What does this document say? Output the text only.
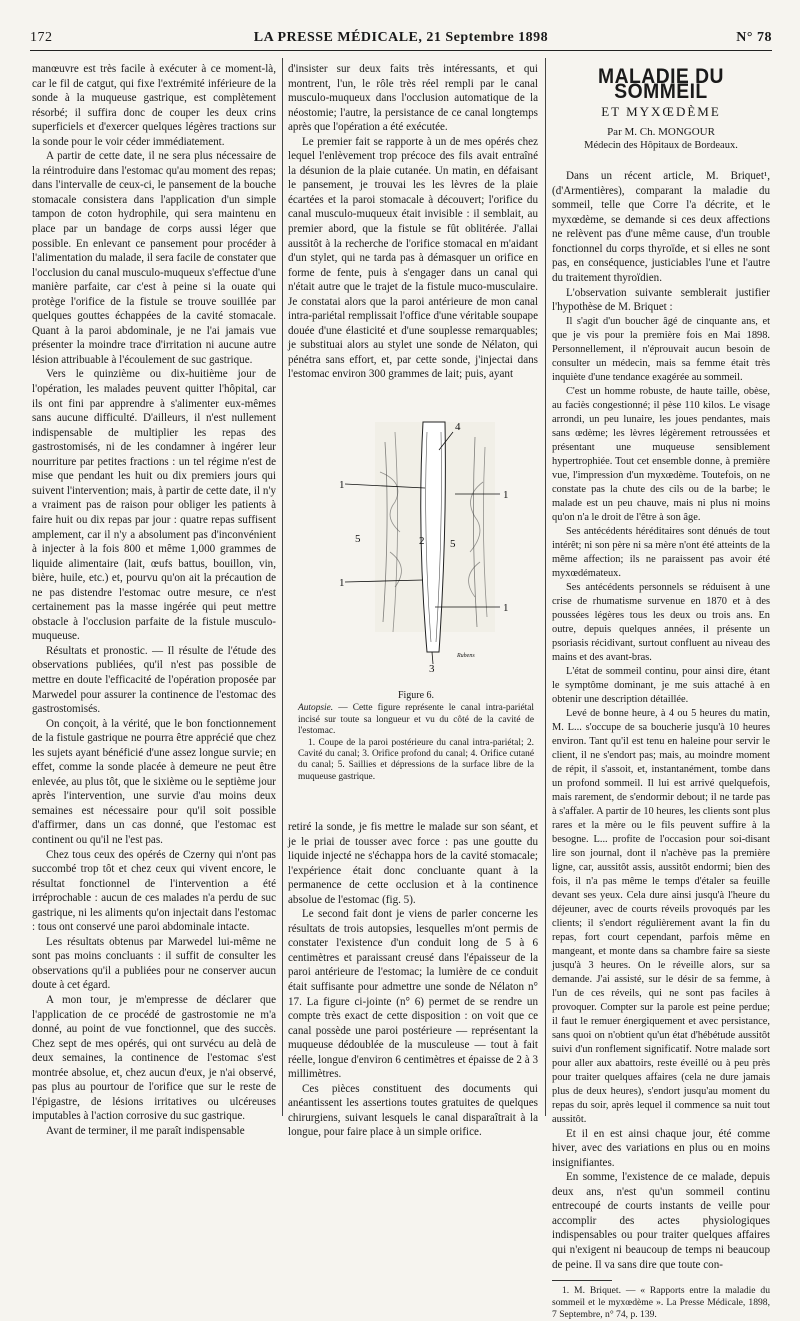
172	LA PRESSE MÉDICALE, 21 Septembre 1898	N° 78

manœuvre est très facile à exécuter à ce moment-là, car le fil de catgut, qui fixe l'extrémité inférieure de la sonde à la muqueuse gastrique, est complètement résorbé; il suffira donc de couper les deux crins superficiels et d'exercer quelques légères tractions sur la sonde pour le voir céder immédiatement.

A partir de cette date, il ne sera plus nécessaire de la réintroduire dans l'estomac qu'au moment des repas; dans l'intervalle de ceux-ci, le pansement de la bouche stomacale consistera dans l'application d'un simple tampon de coton hydrophile, qui sera maintenu en place par un bandage de corps aussi léger que possible. En enlevant ce pansement pour procéder à l'alimentation du malade, il sera facile de constater que l'occlusion du canal musculo-muqueux s'effectue d'une manière parfaite, car c'est à peine si la ouate qui protège l'orifice de la fistule se trouve souillée par quelques gouttes échappées de la cavité stomacale. Quant à la paroi abdominale, je ne l'ai jamais vue présenter la moindre trace d'irritation ni aucune autre lésion attribuable à l'écoulement de suc gastrique.

Vers le quinzième ou dix-huitième jour de l'opération, les malades peuvent quitter l'hôpital, car ils ont fini par apprendre à s'alimenter eux-mêmes sans aucune difficulté. D'ailleurs, il n'est nullement indispensable de multiplier les repas des gastrostomisés, ni de les condamner à ingérer leur nourriture par petites fractions : un tel régime n'est de mise que pendant les huit ou dix premiers jours qui suivent l'intervention; mais, à partir de cette date, il n'y a vraiment pas de raison pour obliger les patients à faire huit ou dix repas par jour : quatre repas suffisent amplement, car il n'y a absolument pas d'inconvénient à injecter à la fois 800 et même 1,000 grammes de liquide alimentaire (lait, œufs battus, bouillon, vin, bière, huile, etc.) et, pourvu qu'on ait la précaution de ne pas distendre l'estomac outre mesure, ce n'est certainement pas la masse ingérée qui peut mettre obstacle à l'occlusion parfaite de la fistule musculo-muqueuse.

Résultats et pronostic. — Il résulte de l'étude des observations publiées, qu'il n'est pas possible de mettre en doute l'efficacité de l'opération proposée par Marwedel pour assurer la continence de l'estomac des gastrostomisés.

On conçoit, à la vérité, que le bon fonctionnement de la fistule gastrique ne pourra être apprécié que chez les sujets ayant bénéficié d'une assez longue survie; en effet, comme la sonde placée à demeure ne peut être enlevée, au plus tôt, que le sixième ou le septième jour après l'intervention, une survie d'au moins deux semaines est nécessaire pour qu'il soit possible d'affirmer, dans un cas donné, que l'estomac est continent ou qu'il ne l'est pas.

Chez tous ceux des opérés de Czerny qui n'ont pas succombé trop tôt et chez ceux qui vivent encore, le résultat fonctionnel de l'intervention a été irréprochable : aucun de ces malades n'a perdu de suc gastrique, ni les aliments qu'on injectait dans l'estomac : tous ont conservé une paroi abdominale intacte.

Les résultats obtenus par Marwedel lui-même ne sont pas moins concluants : il suffit de consulter les observations qu'il a publiées pour ne conserver aucun doute à cet égard.

A mon tour, je m'empresse de déclarer que l'application de ce procédé de gastrostomie ne m'a donné, au point de vue fonctionnel, que des succès. Chez sept de mes opérés, qui ont survécu au delà de deux semaines, la continence de l'estomac s'est montrée absolue, et, chez aucun d'eux, je n'ai observé, pas plus au pourtour de l'orifice que sur le reste de l'épigastre, de lésions irritatives ou ulcéreuses imputables à l'action corrosive du suc gastrique.

Avant de terminer, il me paraît indispensable

d'insister sur deux faits très intéressants, et qui montrent, l'un, le rôle très réel rempli par le canal musculo-muqueux dans l'occlusion automatique de la néostomie; l'autre, la persistance de ce canal longtemps après que l'opération a été exécutée.

Le premier fait se rapporte à un de mes opérés chez lequel l'enlèvement trop précoce des fils avait entraîné la désunion de la plaie cutanée. Un matin, en défaisant le pansement, je trouvai les les lèvres de la plaie écartées et la paroi stomacale à découvert; l'orifice du canal musculo-muqueux était invisible : il semblait, au premier abord, que la fistule se fût oblitérée. J'allai aussitôt à la recherche de l'orifice stomacal en m'aidant d'un stylet, qui ne tarda pas à démasquer un orifice en forme de fente, puis à s'engager dans un canal qui n'était autre que le trajet de la fistule muco-musculaire. Je constatai alors que la paroi antérieure de mon canal intra-pariétal remplissait l'office d'une véritable soupape douée d'une élasticité et d'une souplesse remarquables; je substituai alors au stylet une sonde de Nélaton, qui pénétra sans effort, et, par cette sonde, j'injectai dans l'estomac environ 300 grammes de lait; puis, ayant

1
1
2
3
4
5	5
1
1
Rubens
Figure 6.
Autopsie. — Cette figure représente le canal intra-pariétal incisé sur toute sa longueur et vu du côté de la cavité de l'estomac.
1. Coupe de la paroi postérieure du canal intra-pariétal; 2. Cavité du canal; 3. Orifice profond du canal; 4. Orifice cutané du canal; 5. Saillies et dépressions de la surface libre de la muqueuse gastrique.

retiré la sonde, je fis mettre le malade sur son séant, et je le priai de tousser avec force : pas une goutte du liquide injecté ne s'échappa hors de la cavité stomacale; l'expérience était donc concluante quant à la permanence de cette occlusion et à la continence absolue de l'estomac (fig. 5).

Le second fait dont je viens de parler concerne les résultats de trois autopsies, lesquelles m'ont permis de constater l'existence d'un conduit long de 5 à 6 centimètres et paraissant creusé dans l'épaisseur de la paroi antérieure de l'estomac; la lumière de ce conduit était suffisante pour admettre une sonde de Nélaton n° 17. La figure ci-jointe (n° 6) permet de se rendre un compte très exact de cette disposition : on voit que ce canal possède une paroi postérieure — représentant la muqueuse dédoublée de la musculeuse — tout à fait réelle, longue d'environ 6 centimètres et épaisse de 2 à 3 millimètres.

Ces pièces constituent des documents qui anéantissent les assertions toutes gratuites de quelques chirurgiens, suivant lesquels le canal disparaîtrait à la longue, pour faire place à un simple orifice.

MALADIE DU SOMMEIL
ET MYXŒDÈME
Par M. Ch. MONGOUR
Médecin des Hôpitaux de Bordeaux.

Dans un récent article, M. Briquet¹, (d'Armentières), comparant la maladie du sommeil, telle que Corre l'a décrite, et le myxœdème, se demande si ces deux affections ne relèvent pas d'une même cause, d'un trouble fonctionnel du corps thyroïde, et si elles ne sont pas, en conséquence, justiciables l'une et l'autre du traitement thyroïdien.

L'observation suivante semblerait justifier l'hypothèse de M. Briquet :

Il s'agit d'un boucher âgé de cinquante ans, et que je vis pour la première fois en Mai 1898. Personnellement, il n'éprouvait aucun besoin de consulter un médecin, mais sa femme était très inquiète d'une tendance exagérée au sommeil.

C'est un homme robuste, de haute taille, obèse, au faciès congestionné; il pèse 110 kilos. Le visage arrondi, un peu lunaire, les joues pendantes, mais sans œdème; les lèvres légèrement retroussées et présentant une muqueuse sensiblement hypertrophiée. Tout cet ensemble donne, à première vue, l'impression d'un myxœdème. Toutefois, on ne constate pas la chute des cils ou de la barbe; le malade est un peu chauve, mais ni plus ni moins qu'on n'a le droit de l'être à son âge.

Ses antécédents héréditaires sont dénués de tout intérêt; ni son père ni sa mère n'ont été atteints de la même affection; ils ne paraissent pas avoir été myxœdémateux.

Ses antécédents personnels se réduisent à une crise de rhumatisme survenue en 1870 et à des poussées légères tous les deux ou trois ans. En outre, depuis quelques années, il présente un psoriasis récidivant, surtout confluent au niveau des mains et des avant-bras.

L'état de sommeil continu, pour ainsi dire, étant le symptôme dominant, je me suis attaché à en obtenir une description détaillée.

Levé de bonne heure, à 4 ou 5 heures du matin, M. L... s'occupe de sa boucherie jusqu'à 10 heures environ. Tant qu'il est tenu en haleine pour servir le client, il ne s'endort pas; mais, au moindre moment de répit, il s'assoit, et, instantanément, tombe dans un profond sommeil. Il lui est arrivé quelquefois, mais rarement, de s'endormir debout; il ne tarde pas à s'affaler. A partir de 10 heures, les clients sont plus rares et la mère ou le fils peuvent suffire à la besogne. L... profite de l'occasion pour soi-disant lire son journal, dont il n'achève pas la première ligne, car, aussitôt assis, aussitôt endormi; bien des fois, il n'a pas même le temps d'étaler sa feuille devant ses yeux. Cela dure ainsi jusqu'à l'heure du déjeuner, avec de courts réveils provoqués par les clients; il s'endort régulièrement avant la fin du repas, fort court cependant, parfois même en mangeant, et monte dans sa chambre faire sa sieste jusqu'à 3 heures. On le réveille alors, sur sa demande. J'ai assisté, sur le désir de sa femme, à l'un de ces réveils, qui ne sont pas faciles à provoquer. Compter sur la parole est peine perdue; il faut le remuer énergiquement et avec persistance, sans quoi on n'obtient qu'un état d'hébétude aussitôt suivi d'un ronflement significatif. Notre malade sort pour aller aux abattoirs, reste éveillé ou à peu près pour traiter quelques affaires (cela ne dure jamais plus de deux heures), s'endort jusqu'au moment du repas du soir, après lequel il commence sa nuit tout aussitôt.

Et il en est ainsi chaque jour, été comme hiver, avec des variations en plus ou en moins insignifiantes.

En somme, l'existence de ce malade, depuis deux ans, n'est qu'un sommeil continu entrecoupé de courts instants de veille pour accomplir des actes physiologiques indispensables ou pour traiter quelques affaires qui n'exigent ni beaucoup de temps ni beaucoup de peine. Il va sans dire que toute con-

1. M. Briquet. — « Rapports entre la maladie du sommeil et le myxœdème ». La Presse Médicale, 1898, 7 Septembre, n° 74, p. 139.
